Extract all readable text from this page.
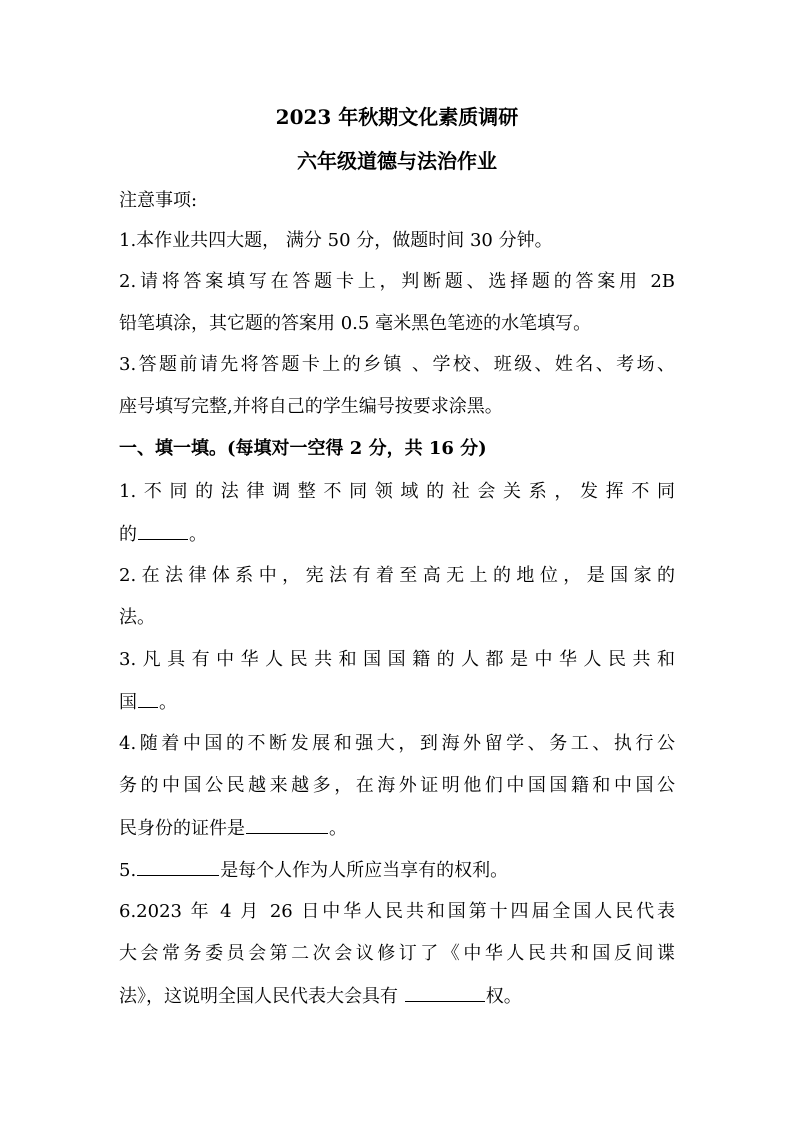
2023 年秋期文化素质调研
六年级道德与法治作业
注意事项:
1.本作业共四大题， 满分 50 分，做题时间 30 分钟。
2.请将答案填写在答题卡上，判断题、选择题的答案用 2B
铅笔填涂，其它题的答案用 0.5 毫米黑色笔迹的水笔填写。
3.答题前请先将答题卡上的乡镇 、学校、班级、姓名、考场、
座号填写完整,并将自己的学生编号按要求涂黑。
一、填一填。(每填对一空得 2 分，共 16 分)
1.不同的法律调整不同领域的社会关系，发挥不同
的	。
2.在法律体系中，宪法有着至高无上的地位，是国家的
法。
3.凡具有中华人民共和国国籍的人都是中华人民共和
国 。
4.随着中国的不断发展和强大，到海外留学、务工、执行公
务的中国公民越来越多，在海外证明他们中国国籍和中国公
民身份的证件是	。
5.	是每个人作为人所应当享有的权利。
6.2023 年 4 月 26 日中华人民共和国第十四届全国人民代表
大会常务委员会第二次会议修订了《中华人民共和国反间谍
法》，这说明全国人民代表大会具有	权。
